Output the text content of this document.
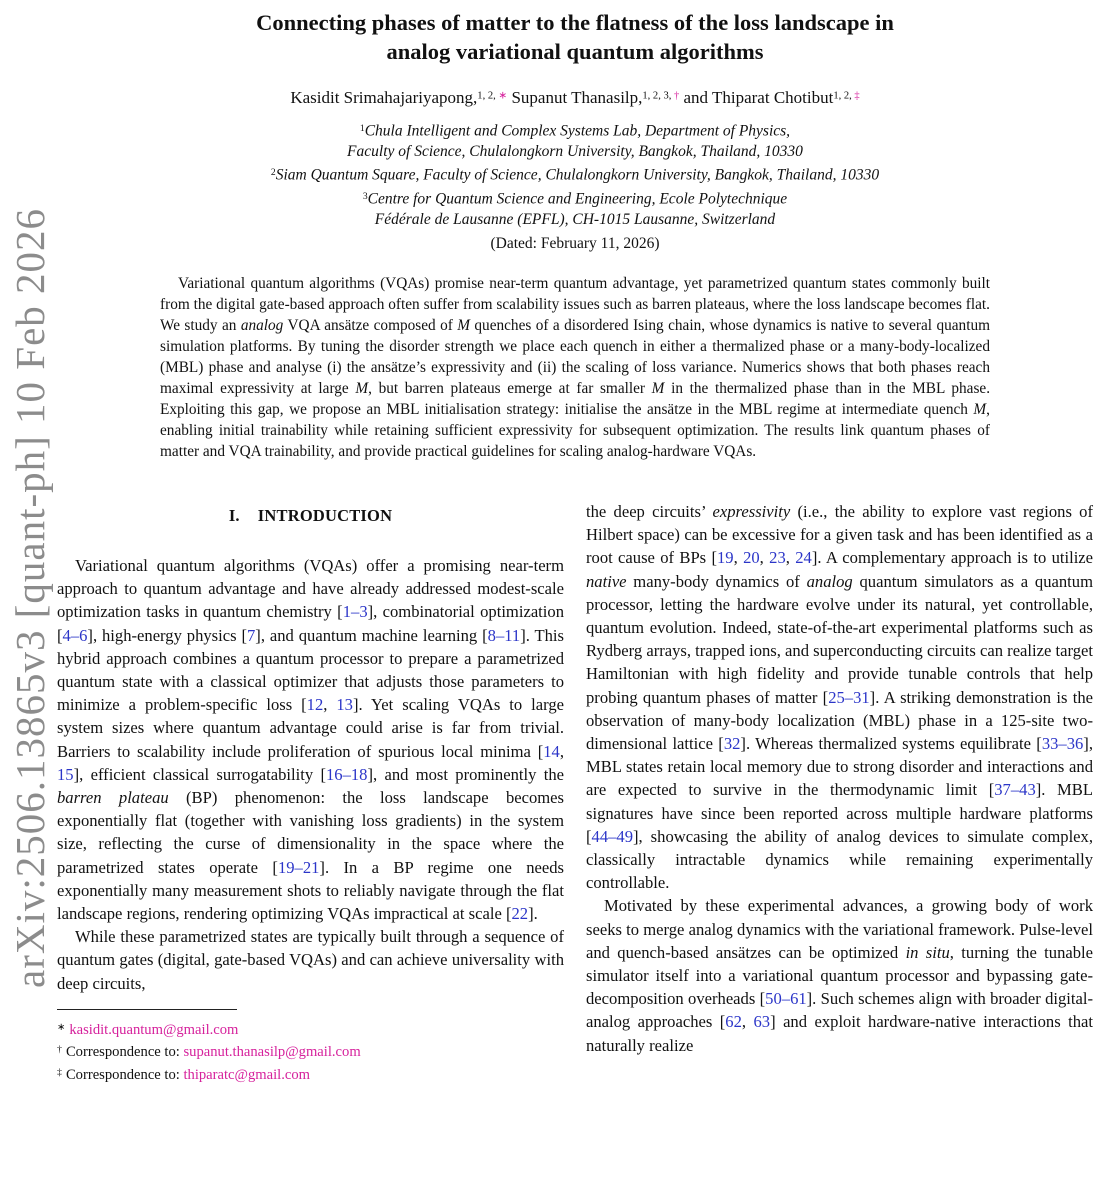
arXiv:2506.13865v3 [quant-ph] 10 Feb 2026
Connecting phases of matter to the flatness of the loss landscape in
analog variational quantum algorithms
Kasidit Srimahajariyapong,$^{1, 2,}$ ∗ Supanut Thanasilp,$^{1, 2, 3,}$ † and Thiparat Chotibut$^{1, 2,}$ ‡
$^1$Chula Intelligent and Complex Systems Lab, Department of Physics,
Faculty of Science, Chulalongkorn University, Bangkok, Thailand, 10330
$^2$Siam Quantum Square, Faculty of Science, Chulalongkorn University, Bangkok, Thailand, 10330
$^3$Centre for Quantum Science and Engineering, Ecole Polytechnique
Fédérale de Lausanne (EPFL), CH-1015 Lausanne, Switzerland
(Dated: February 11, 2026)
Variational quantum algorithms (VQAs) promise near-term quantum advantage, yet parametrized quantum states commonly built from the digital gate-based approach often suffer from scalability issues such as barren plateaus, where the loss landscape becomes flat. We study an analog VQA ansätze composed of M quenches of a disordered Ising chain, whose dynamics is native to several quantum simulation platforms. By tuning the disorder strength we place each quench in either a thermalized phase or a many-body-localized (MBL) phase and analyse (i) the ansätze’s expressivity and (ii) the scaling of loss variance. Numerics shows that both phases reach maximal expressivity at large M, but barren plateaus emerge at far smaller M in the thermalized phase than in the MBL phase. Exploiting this gap, we propose an MBL initialisation strategy: initialise the ansätze in the MBL regime at intermediate quench M, enabling initial trainability while retaining sufficient expressivity for subsequent optimization. The results link quantum phases of matter and VQA trainability, and provide practical guidelines for scaling analog-hardware VQAs.
I. INTRODUCTION

Variational quantum algorithms (VQAs) offer a promising near-term approach to quantum advantage and have already addressed modest-scale optimization tasks in quantum chemistry [1–3], combinatorial optimization [4–6], high-energy physics [7], and quantum machine learning [8–11]. This hybrid approach combines a quantum processor to prepare a parametrized quantum state with a classical optimizer that adjusts those parameters to minimize a problem-specific loss [12, 13]. Yet scaling VQAs to large system sizes where quantum advantage could arise is far from trivial. Barriers to scalability include proliferation of spurious local minima [14, 15], efficient classical surrogatability [16–18], and most prominently the barren plateau (BP) phenomenon: the loss landscape becomes exponentially flat (together with vanishing loss gradients) in the system size, reflecting the curse of dimensionality in the space where the parametrized states operate [19–21]. In a BP regime one needs exponentially many measurement shots to reliably navigate through the flat landscape regions, rendering optimizing VQAs impractical at scale [22].

While these parametrized states are typically built through a sequence of quantum gates (digital, gate-based VQAs) and can achieve universality with deep circuits,

∗ kasidit.quantum@gmail.com
† Correspondence to: supanut.thanasilp@gmail.com
‡ Correspondence to: thiparatc@gmail.com

the deep circuits’ expressivity (i.e., the ability to explore vast regions of Hilbert space) can be excessive for a given task and has been identified as a root cause of BPs [19, 20, 23, 24]. A complementary approach is to utilize native many-body dynamics of analog quantum simulators as a quantum processor, letting the hardware evolve under its natural, yet controllable, quantum evolution. Indeed, state-of-the-art experimental platforms such as Rydberg arrays, trapped ions, and superconducting circuits can realize target Hamiltonian with high fidelity and provide tunable controls that help probing quantum phases of matter [25–31]. A striking demonstration is the observation of many-body localization (MBL) phase in a 125-site two-dimensional lattice [32]. Whereas thermalized systems equilibrate [33–36], MBL states retain local memory due to strong disorder and interactions and are expected to survive in the thermodynamic limit [37–43]. MBL signatures have since been reported across multiple hardware platforms [44–49], showcasing the ability of analog devices to simulate complex, classically intractable dynamics while remaining experimentally controllable.

Motivated by these experimental advances, a growing body of work seeks to merge analog dynamics with the variational framework. Pulse-level and quench-based ansätzes can be optimized in situ, turning the tunable simulator itself into a variational quantum processor and bypassing gate-decomposition overheads [50–61]. Such schemes align with broader digital-analog approaches [62, 63] and exploit hardware-native interactions that naturally realize
